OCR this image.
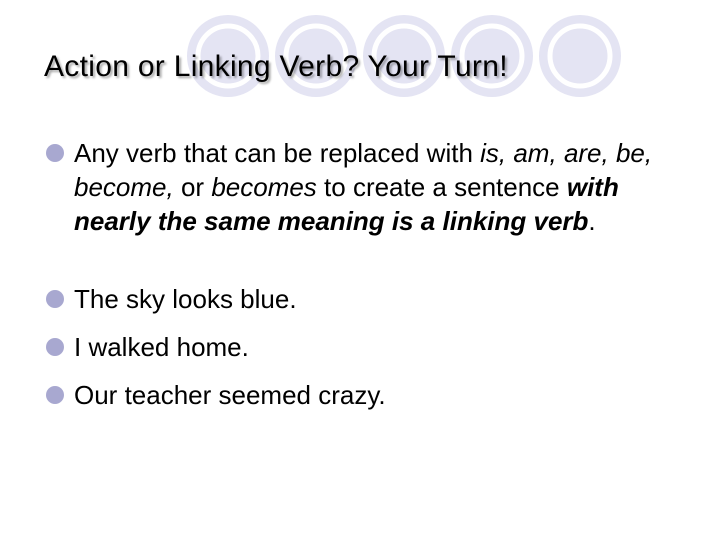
Action or Linking Verb? Your Turn!
Any verb that can be replaced with is, am, are, be, become, or becomes to create a sentence with nearly the same meaning is a linking verb.
The sky looks blue.
I walked home.
Our teacher seemed crazy.
